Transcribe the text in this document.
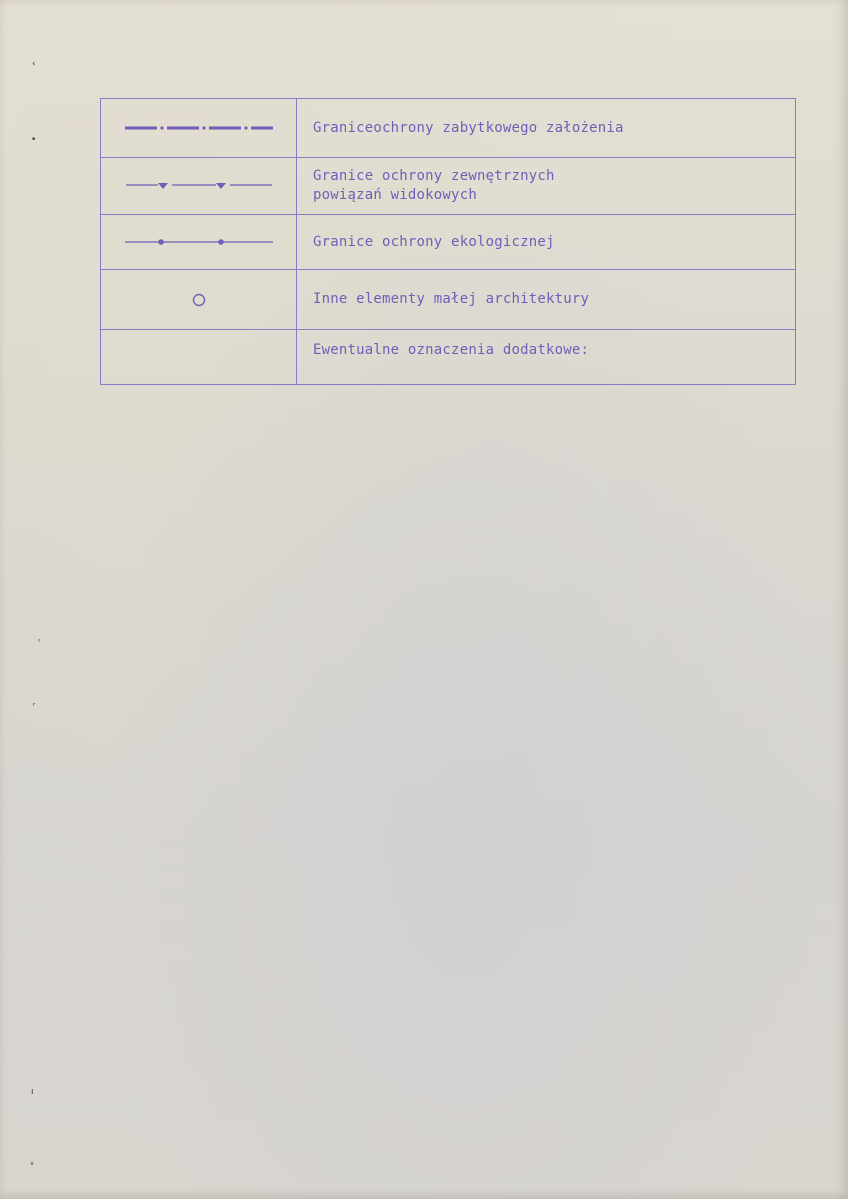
‹
•
ʿ
ʳ
ı
ˣ

Graniceochrony zabytkowego założenia

Granice ochrony zewnętrznych
powiązań widokowych

Granice ochrony ekologicznej

Inne elementy małej architektury

	Ewentualne oznaczenia dodatkowe:
